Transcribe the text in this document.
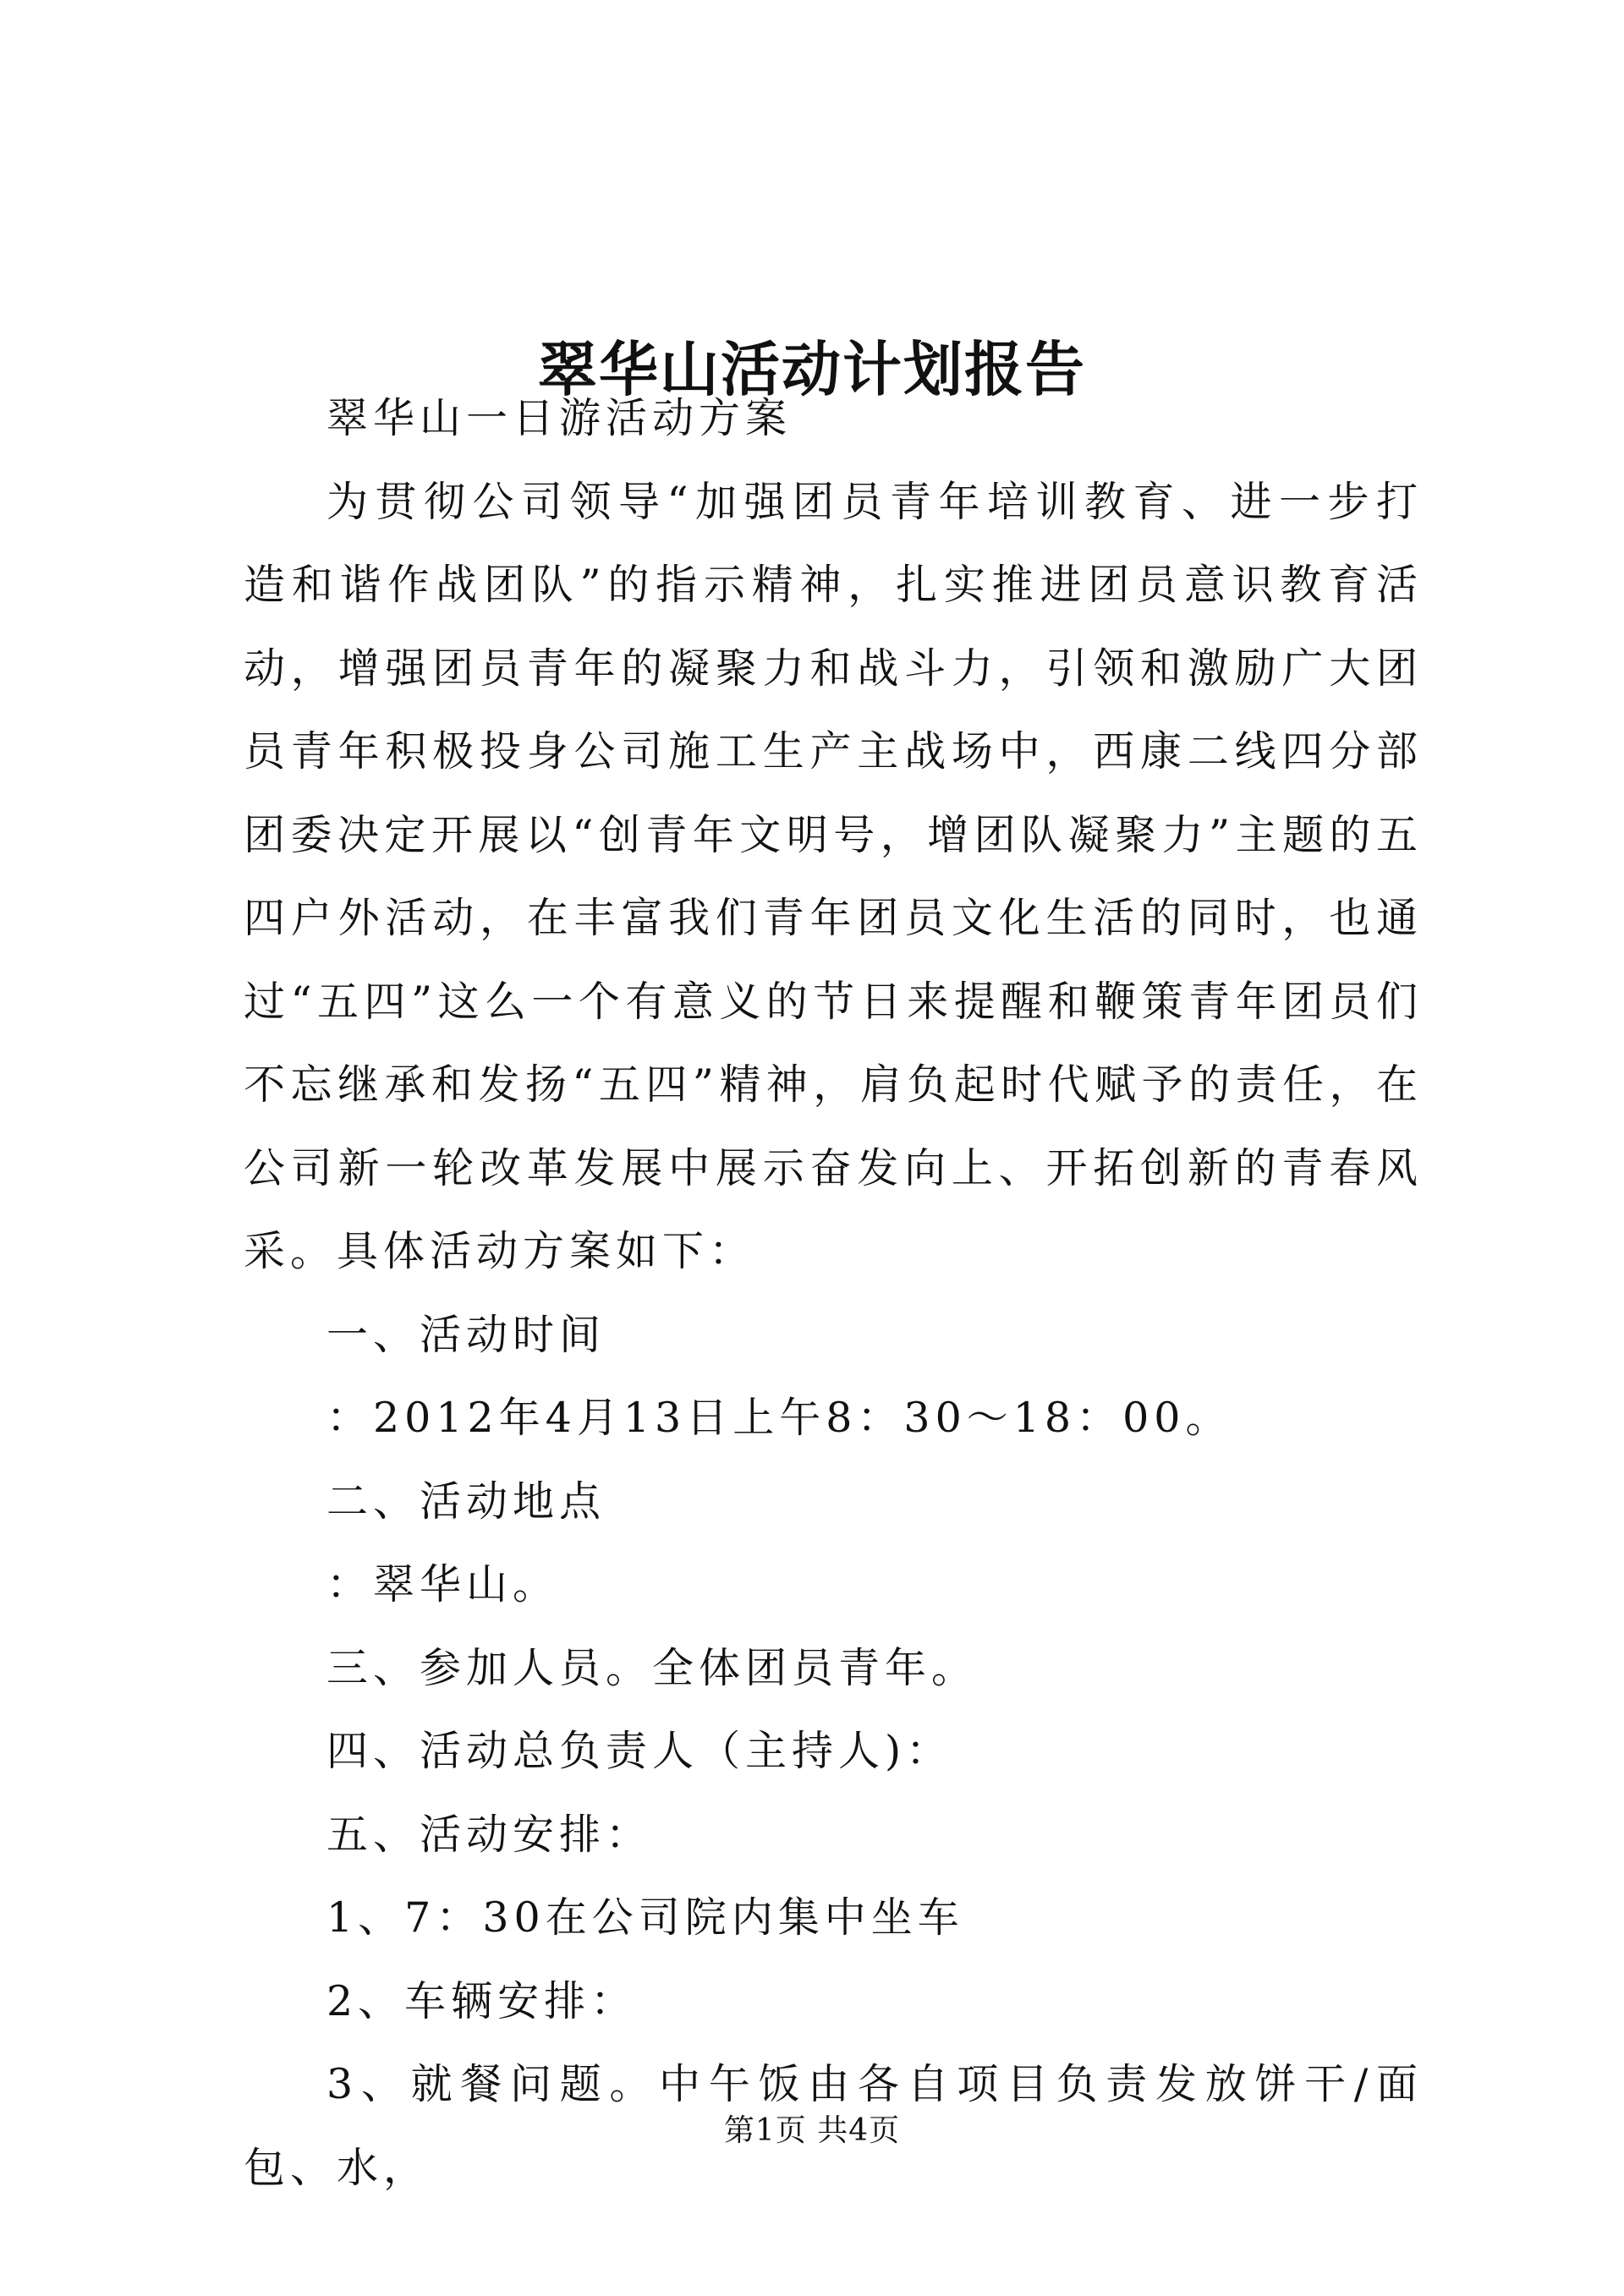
翠华山活动计划报告

翠华山一日游活动方案

为贯彻公司领导“加强团员青年培训教育、进一步打造和谐作战团队”的指示精神，扎实推进团员意识教育活动，增强团员青年的凝聚力和战斗力，引领和激励广大团员青年积极投身公司施工生产主战场中，西康二线四分部团委决定开展以“创青年文明号，增团队凝聚力”主题的五四户外活动，在丰富我们青年团员文化生活的同时，也通过“五四”这么一个有意义的节日来提醒和鞭策青年团员们不忘继承和发扬“五四”精神，肩负起时代赋予的责任，在公司新一轮改革发展中展示奋发向上、开拓创新的青春风采。具体活动方案如下：

一、活动时间

：2012年4月13日上午8：30～18：00。

二、活动地点

：翠华山。

三、参加人员。全体团员青年。

四、活动总负责人（主持人)：

五、活动安排：

1、7：30在公司院内集中坐车

2、车辆安排：

3、就餐问题。中午饭由各自项目负责发放饼干/面包、水，

第1页 共4页
